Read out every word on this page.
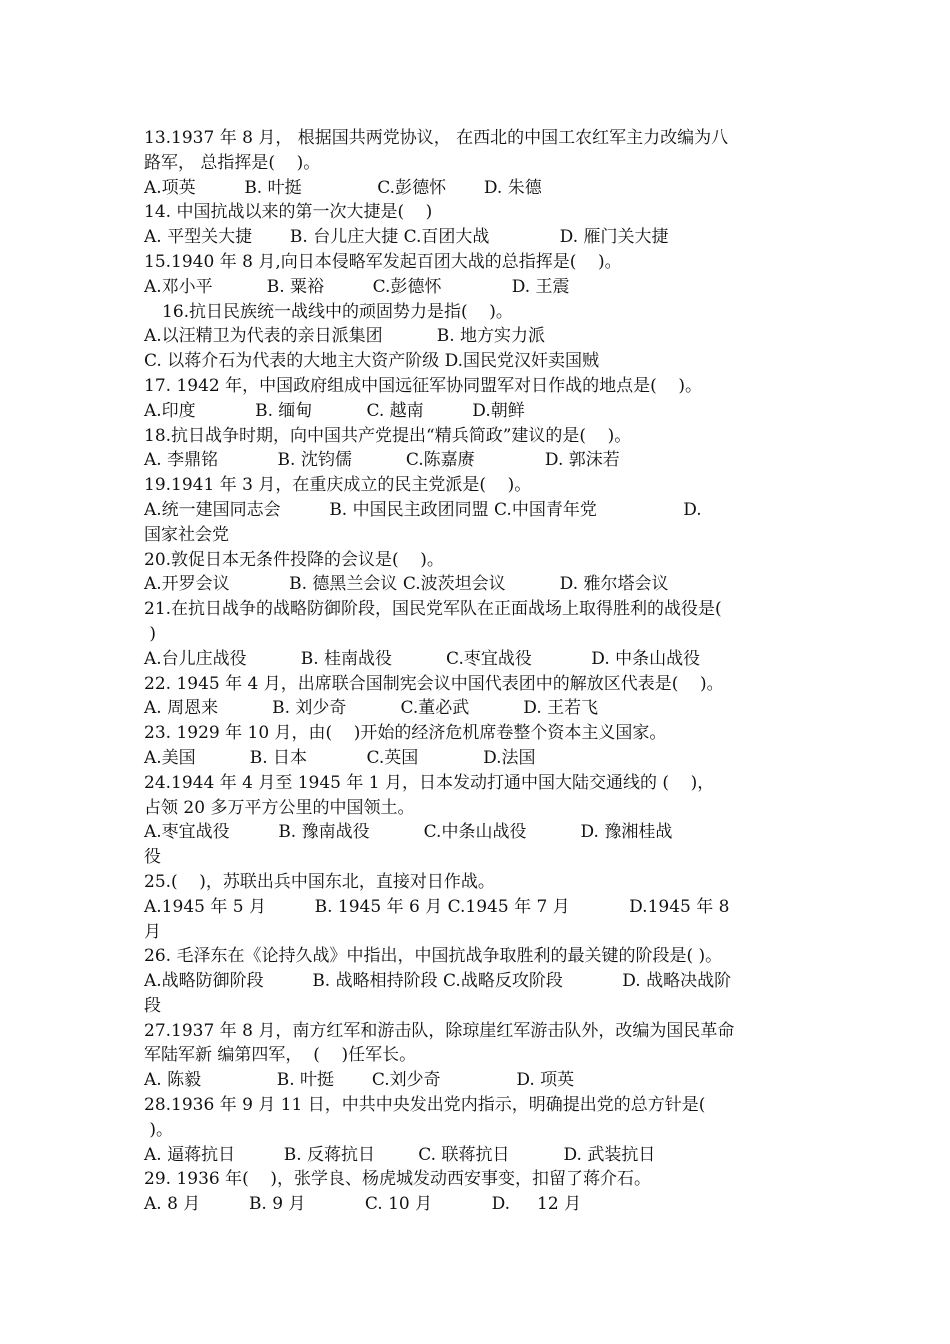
13.1937 年 8 月， 根据国共两党协议， 在西北的中国工农红军主力改编为八
路军， 总指挥是(    )。
A.项英         B. 叶挺              C.彭德怀       D. 朱德
14. 中国抗战以来的第一次大捷是(    )
A. 平型关大捷       B. 台儿庄大捷 C.百团大战             D. 雁门关大捷
15.1940 年 8 月,向日本侵略军发起百团大战的总指挥是(    )。
A.邓小平          B. 粟裕         C.彭德怀             D. 王震
16.抗日民族统一战线中的顽固势力是指(    )。
A.以汪精卫为代表的亲日派集团          B. 地方实力派
C. 以蒋介石为代表的大地主大资产阶级 D.国民党汉奸卖国贼
17. 1942 年，中国政府组成中国远征军协同盟军对日作战的地点是(    )。
A.印度           B. 缅甸          C. 越南         D.朝鲜
18.抗日战争时期，向中国共产党提出“精兵简政”建议的是(    )。
A. 李鼎铭           B. 沈钧儒          C.陈嘉赓             D. 郭沫若
19.1941 年 3 月，在重庆成立的民主党派是(    )。
A.统一建国同志会         B. 中国民主政团同盟 C.中国青年党                D.
国家社会党
20.敦促日本无条件投降的会议是(    )。
A.开罗会议           B. 德黑兰会议 C.波茨坦会议          D. 雅尔塔会议
21.在抗日战争的战略防御阶段，国民党军队在正面战场上取得胜利的战役是(
)
A.台儿庄战役          B. 桂南战役          C.枣宜战役           D. 中条山战役
22. 1945 年 4 月，出席联合国制宪会议中国代表团中的解放区代表是(    )。
A. 周恩来          B. 刘少奇          C.董必武          D. 王若飞
23. 1929 年 10 月，由(    )开始的经济危机席卷整个资本主义国家。
A.美国          B. 日本           C.英国            D.法国
24.1944 年 4 月至 1945 年 1 月，日本发动打通中国大陆交通线的 (    )，
占领 20 多万平方公里的中国领土。
A.枣宜战役         B. 豫南战役          C.中条山战役          D. 豫湘桂战
役
25.(    )，苏联出兵中国东北，直接对日作战。
A.1945 年 5 月         B. 1945 年 6 月 C.1945 年 7 月           D.1945 年 8
月
26. 毛泽东在《论持久战》中指出，中国抗战争取胜利的最关键的阶段是( )。
A.战略防御阶段         B. 战略相持阶段 C.战略反攻阶段           D. 战略决战阶
段
27.1937 年 8 月，南方红军和游击队，除琼崖红军游击队外，改编为国民革命
军陆军新 编第四军，  (    )任军长。
A. 陈毅              B. 叶挺       C.刘少奇              D. 项英
28.1936 年 9 月 11 日，中共中央发出党内指示，明确提出党的总方针是(
)。
A. 逼蒋抗日         B. 反蒋抗日        C. 联蒋抗日          D. 武装抗日
29. 1936 年(    )，张学良、杨虎城发动西安事变，扣留了蒋介石。
A. 8 月         B. 9 月           C. 10 月           D.     12 月
